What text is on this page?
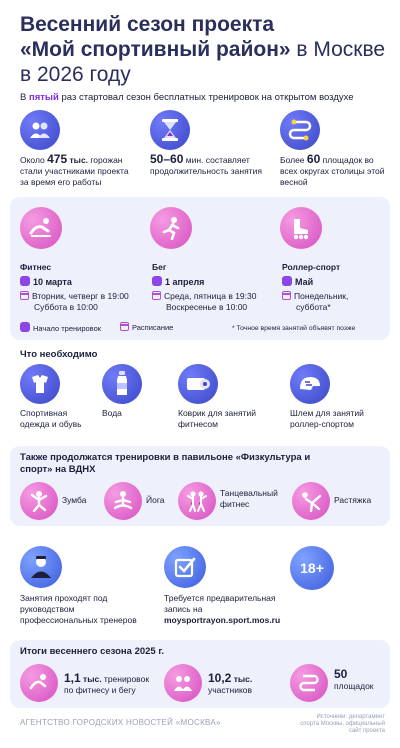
Весенний сезон проекта
«Мой спортивный район» в Москве
в 2026 году
В пятый раз стартовал сезон бесплатных тренировок на открытом воздухе
Около 475 тыс. горожан стали участниками проекта за время его работы
50–60 мин. составляет продолжительность занятия
Более 60 площадок во всех округах столицы этой весной
Фитнес
10 марта
Вторник, четверг в 19:00
Суббота в 10:00
Бег
1 апреля
Среда, пятница в 19:30
Воскресенье в 10:00
Роллер-спорт
Май
Понедельник,
суббота*
Начало тренировок	Расписание	* Точное время занятий объявят позже
Что необходимо
Спортивная одежда и обувь
Вода	Коврик для занятий фитнесом
Шлем для занятий роллер-спортом
Также продолжатся тренировки в павильоне «Физкультура и спорт» на ВДНХ
Зумба	Йога
Танцевальный фитнес	Растяжка
Занятия проходят под руководством профессиональных тренеров
Требуется предварительная запись на moysportrayon.sport.mos.ru
18+
Итоги весеннего сезона 2025 г.
1,1 тыс. тренировок по фитнесу и бегу
10,2 тыс. участников
50
площадок
АГЕНТСТВО ГОРОДСКИХ НОВОСТЕЙ «МОСКВА»
Источники: департамент спорта Москвы, официальный сайт проекта
